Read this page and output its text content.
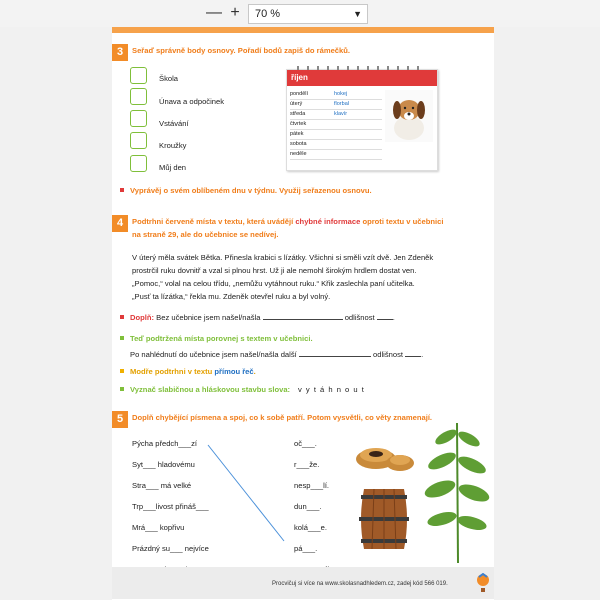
— +	70 %	▼
3	Seřaď správně body osnovy. Pořadí bodů zapiš do rámečků.
Škola
Únava a odpočinek
Vstávání
Kroužky
Můj den
říjen
pondělí	hokej
úterý	florbal
středa	klavír
čtvrtek
pátek
sobota
neděle
Vyprávěj o svém oblíbeném dnu v týdnu. Využij seřazenou osnovu.
4	Podtrhni červeně místa v textu, která uvádějí chybné informace oproti textu v učebnici
na straně 29, ale do učebnice se nedívej.
V úterý měla svátek Bětka. Přinesla krabici s lízátky. Všichni si směli vzít dvě. Jen Zdeněk
prostrčil ruku dovnitř a vzal si plnou hrst. Už ji ale nemohl širokým hrdlem dostat ven.
„Pomoc,“ volal na celou třídu, „nemůžu vytáhnout ruku.“ Křik zaslechla paní učitelka.
„Pusť ta lízátka,“ řekla mu. Zdeněk otevřel ruku a byl volný.
Doplň: Bez učebnice jsem našel/našla	odlišnost .
Teď podtržená místa porovnej s textem v učebnici.
Po nahlédnutí do učebnice jsem našel/našla další	odlišnost .
Modře podtrhni v textu přímou řeč.
Vyznač slabičnou a hláskovou stavbu slova: v y t á h n o u t
5	Doplň chybějící písmena a spoj, co k sobě patří. Potom vysvětli, co věty znamenají.
Pýcha předch___zí
Syt___ hladovému
Stra___ má velké
Trp___livost přináš___
Mrá___ kopřivu
Prázdný su___ nejvíce
oč___.
r___že.
nesp___lí.
dun___.
kolá___e.
pá___.
Procvičuj si více na www.skolasnadhledem.cz, zadej kód 566 019.
